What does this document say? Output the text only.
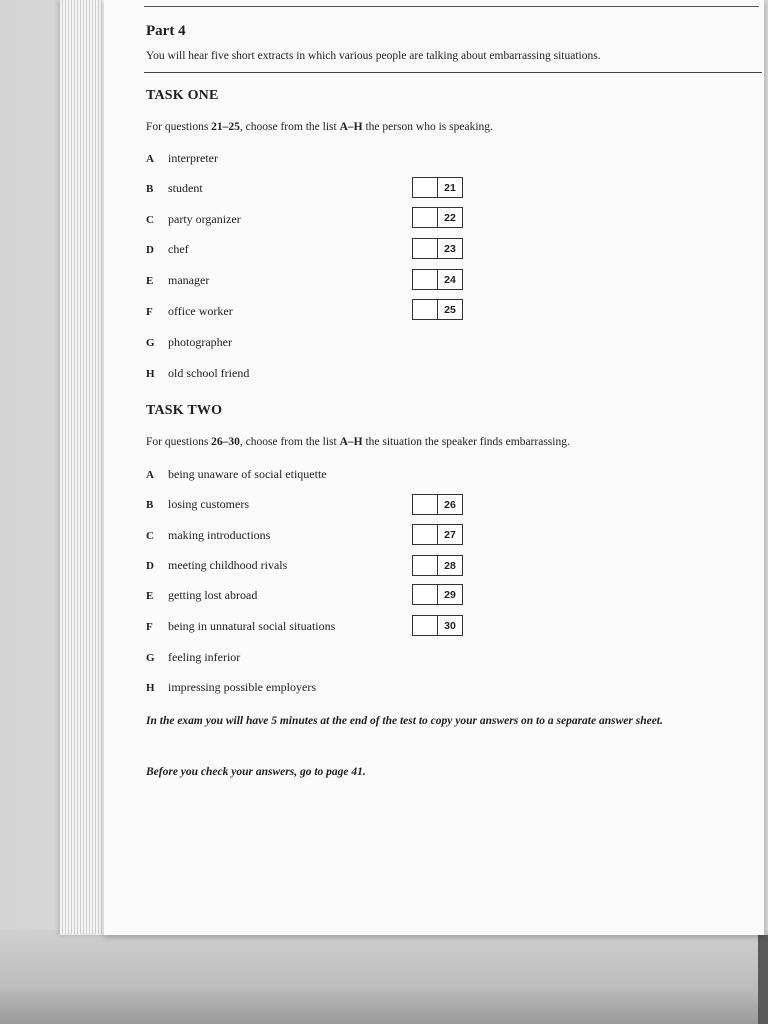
Part 4
You will hear five short extracts in which various people are talking about embarrassing situations.
TASK ONE
For questions 21–25, choose from the list A–H the person who is speaking.
A interpreter
B student
C party organizer
D chef
E manager
F office worker
G photographer
H old school friend
21
22
23
24
25
TASK TWO
For questions 26–30, choose from the list A–H the situation the speaker finds embarrassing.
A being unaware of social etiquette
B losing customers
C making introductions
D meeting childhood rivals
E getting lost abroad
F being in unnatural social situations
G feeling inferior
H impressing possible employers
26
27
28
29
30
In the exam you will have 5 minutes at the end of the test to copy your answers on to a separate answer sheet.
Before you check your answers, go to page 41.
